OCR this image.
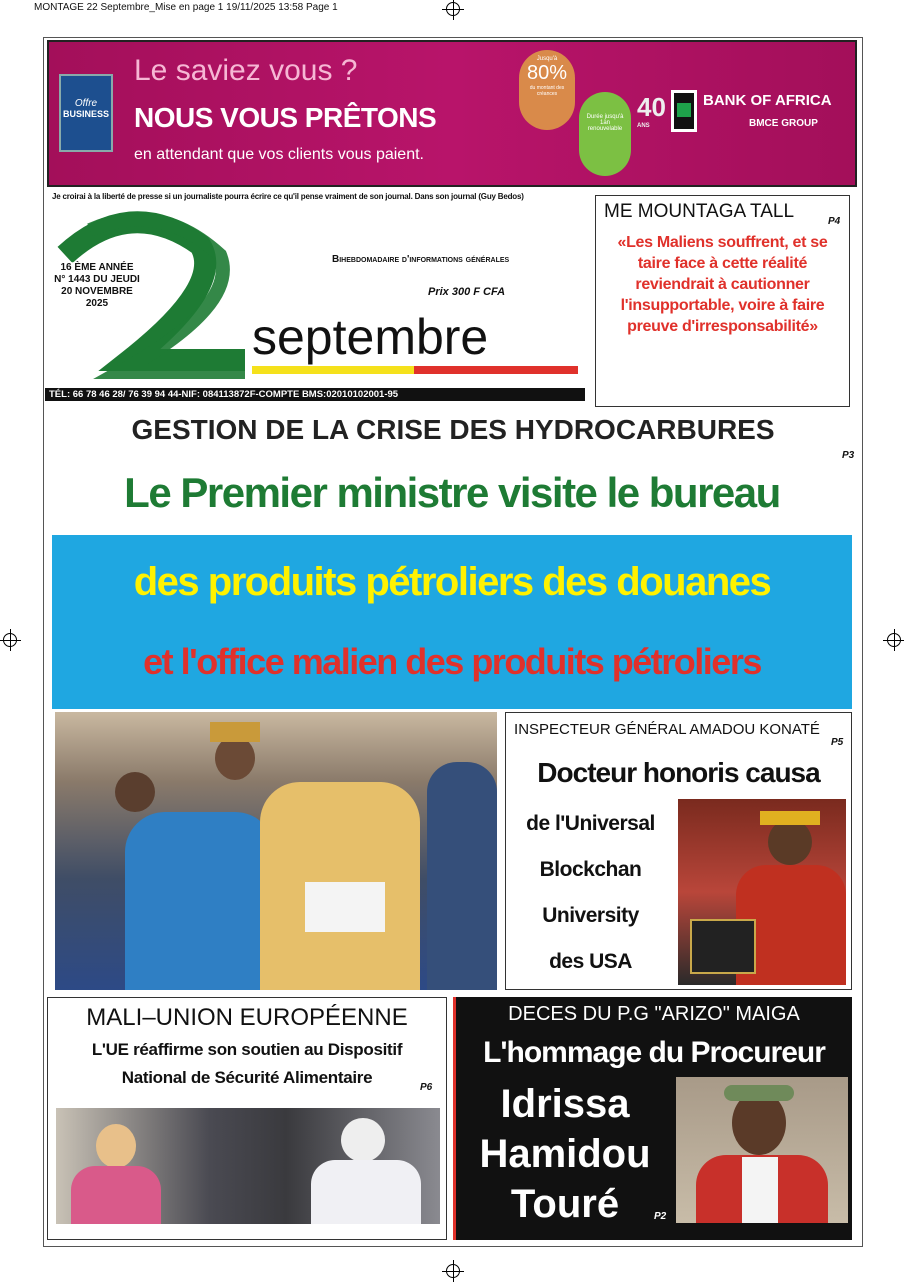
MONTAGE 22 Septembre_Mise en page 1 19/11/2025 13:58 Page 1
Offre
BUSINESS
Le saviez vous ?
NOUS VOUS PRÊTONS
en attendant que vos clients vous paient.
Jusqu'à
80%
du montant des créances
Durée jusqu'à 1an renouvelable
40
ANS
BANK OF AFRICA
BMCE GROUP
Je croirai à la liberté de presse si un journaliste pourra écrire ce qu'il pense vraiment de son journal. Dans son journal (Guy Bedos)
16 ÈME ANNÉE
N° 1443 DU JEUDI
20 NOVEMBRE
2025
Bihebdomadaire d'informations générales
Prix 300 F CFA
septembre
TÉL: 66 78 46 28/ 76 39 94 44-NIF: 084113872F-COMPTE BMS:02010102001-95
ME MOUNTAGA TALL	P4
«Les Maliens souffrent, et se taire face à cette réalité reviendrait à cautionner l'insupportable, voire à faire preuve d'irresponsabilité»
GESTION DE LA CRISE DES HYDROCARBURES
P3
Le Premier ministre visite le bureau
des produits pétroliers des douanes
et l'office malien des produits pétroliers
INSPECTEUR GÉNÉRAL AMADOU KONATÉ
P5
Docteur honoris causa
de l'Universal
Blockchan
University
des USA
MALI–UNION EUROPÉENNE
L'UE réaffirme son soutien au Dispositif
National de Sécurité Alimentaire
P6
DECES DU P.G "ARIZO" MAIGA
L'hommage du Procureur
Idrissa
Hamidou
Touré	P2
